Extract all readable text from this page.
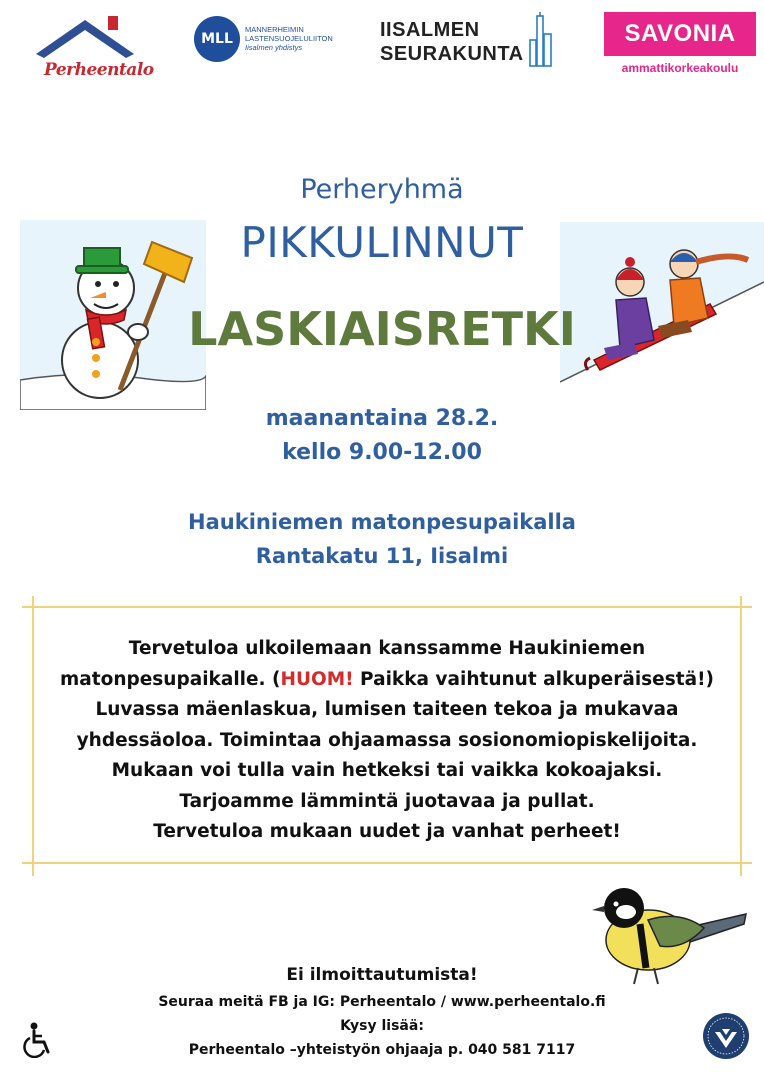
Perheentalo
MLL
MANNERHEIMIN
LASTENSUOJELULIITON
Iisalmen yhdistys
IISALMEN
SEURAKUNTA
SAVONIA
ammattikorkeakoulu
Perheryhmä
PIKKULINNUT
LASKIAISRETKI
maanantaina 28.2.
kello 9.00-12.00
Haukiniemen matonpesupaikalla
Rantakatu 11, Iisalmi
Tervetuloa ulkoilemaan kanssamme Haukiniemen
matonpesupaikalle. (HUOM! Paikka vaihtunut alkuperäisestä!)
Luvassa mäenlaskua, lumisen taiteen tekoa ja mukavaa
yhdessäoloa. Toimintaa ohjaamassa sosionomiopiskelijoita.
Mukaan voi tulla vain hetkeksi tai vaikka kokoajaksi.
Tarjoamme lämmintä juotavaa ja pullat.
Tervetuloa mukaan uudet ja vanhat perheet!
Ei ilmoittautumista!
Seuraa meitä FB ja IG: Perheentalo / www.perheentalo.fi
Kysy lisää:
Perheentalo –yhteistyön ohjaaja p. 040 581 7117
